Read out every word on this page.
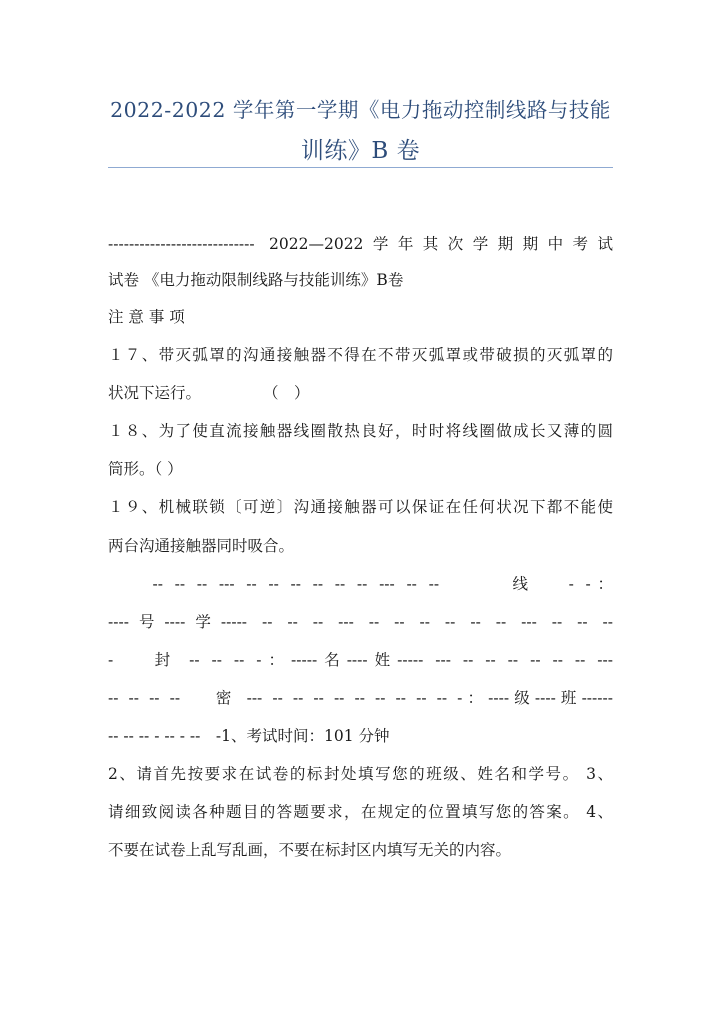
2022-2022 学年第一学期《电力拖动控制线路与技能
训练》B 卷
---------------------------- 2022—2022学年其次学期期中考试
试卷 《电力拖动限制线路与技能训练》B卷
注 意 事 项
１７、带灭弧罩的沟通接触器不得在不带灭弧罩或带破损的灭弧罩的
状况下运行。　　　　　（　）
１８、为了使直流接触器线圈散热良好，时时将线圈做成长又薄的圆
筒形。（ ）
１９、机械联锁〔可逆〕沟通接触器可以保证在任何状况下都不能使
两台沟通接触器同时吸合。
　　-- -- -- --- -- -- -- -- -- -- --- -- --　　　线　 - -：
----号----学----- -- -- -- --- -- -- -- -- -- -- --- -- -- --
-　 封 -- -- -- -：-----名----姓----- --- -- -- -- -- -- -- ---
-- -- -- --　 密 --- -- -- -- -- -- -- -- -- -- -：----级----班------
-- -- -- - -- - --　-1、考试时间：101 分钟
2、请首先按要求在试卷的标封处填写您的班级、姓名和学号。 3、
请细致阅读各种题目的答题要求，在规定的位置填写您的答案。 4、
不要在试卷上乱写乱画，不要在标封区内填写无关的内容。
